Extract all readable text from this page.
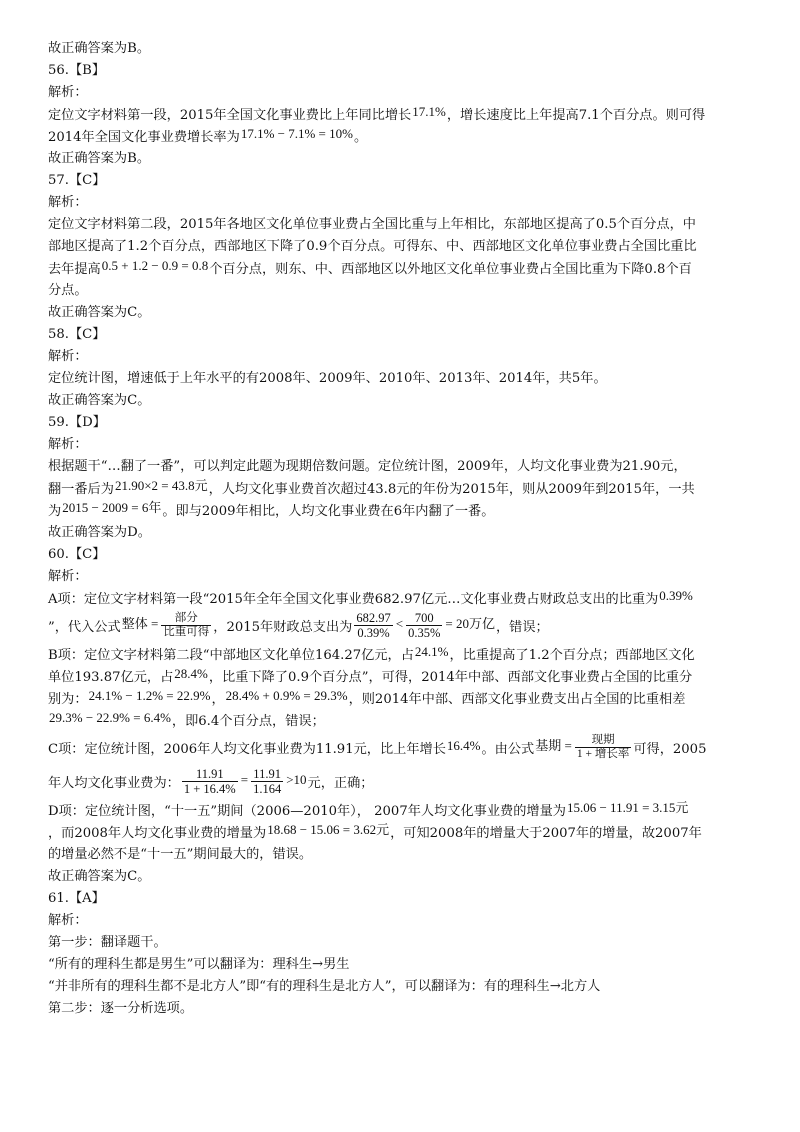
故正确答案为B。
56.【B】
解析：
定位文字材料第一段，2015年全国文化事业费比上年同比增长17.1%，增长速度比上年提高7.1个百分点。则可得
2014年全国文化事业费增长率为17.1% − 7.1% = 10%。
故正确答案为B。
57.【C】
解析：
定位文字材料第二段，2015年各地区文化单位事业费占全国比重与上年相比，东部地区提高了0.5个百分点，中
部地区提高了1.2个百分点，西部地区下降了0.9个百分点。可得东、中、西部地区文化单位事业费占全国比重比
去年提高0.5 + 1.2 − 0.9 = 0.8个百分点，则东、中、西部地区以外地区文化单位事业费占全国比重为下降0.8个百
分点。
故正确答案为C。
58.【C】
解析：
定位统计图，增速低于上年水平的有2008年、2009年、2010年、2013年、2014年，共5年。
故正确答案为C。
59.【D】
解析：
根据题干“…翻了一番”，可以判定此题为现期倍数问题。定位统计图，2009年，人均文化事业费为21.90元，
翻一番后为21.90×2 = 43.8元，人均文化事业费首次超过43.8元的年份为2015年，则从2009年到2015年，一共
为2015 − 2009 = 6年。即与2009年相比，人均文化事业费在6年内翻了一番。
故正确答案为D。
60.【C】
解析：
A项：定位文字材料第一段“2015年全年全国文化事业费682.97亿元…文化事业费占财政总支出的比重为0.39%
”，代入公式整体 = $\frac{\text{部分}}{\text{比重可得}}$ ，2015年财政总支出为 $\frac{682.97}{0.39\%} < \frac{700}{0.35\%} = 20$万亿，错误；
B项：定位文字材料第二段“中部地区文化单位164.27亿元，占24.1%，比重提高了1.2个百分点；西部地区文化
单位193.87亿元，占28.4%，比重下降了0.9个百分点”，可得，2014年中部、西部文化事业费占全国的比重分
别为：24.1% − 1.2% = 22.9%，28.4% + 0.9% = 29.3%，则2014年中部、西部文化事业费支出占全国的比重相差
29.3% − 22.9% = 6.4%，即6.4个百分点，错误；
C项：定位统计图，2006年人均文化事业费为11.91元，比上年增长16.4%。由公式基期 = $\frac{\text{现期}}{\text{1 + 增长率}}$ 可得，2005
年人均文化事业费为： $\frac{11.91}{1 + 16.4\%} = \frac{11.91}{1.164} >10$元，正确；
D项：定位统计图，“十一五”期间（2006—2010年）， 2007年人均文化事业费的增量为15.06 − 11.91 = 3.15元
，而2008年人均文化事业费的增量为18.68 − 15.06 = 3.62元，可知2008年的增量大于2007年的增量，故2007年
的增量必然不是“十一五”期间最大的，错误。
故正确答案为C。
61.【A】
解析：
第一步：翻译题干。
“所有的理科生都是男生”可以翻译为：理科生→男生
“并非所有的理科生都不是北方人”即“有的理科生是北方人”，可以翻译为：有的理科生→北方人
第二步：逐一分析选项。
